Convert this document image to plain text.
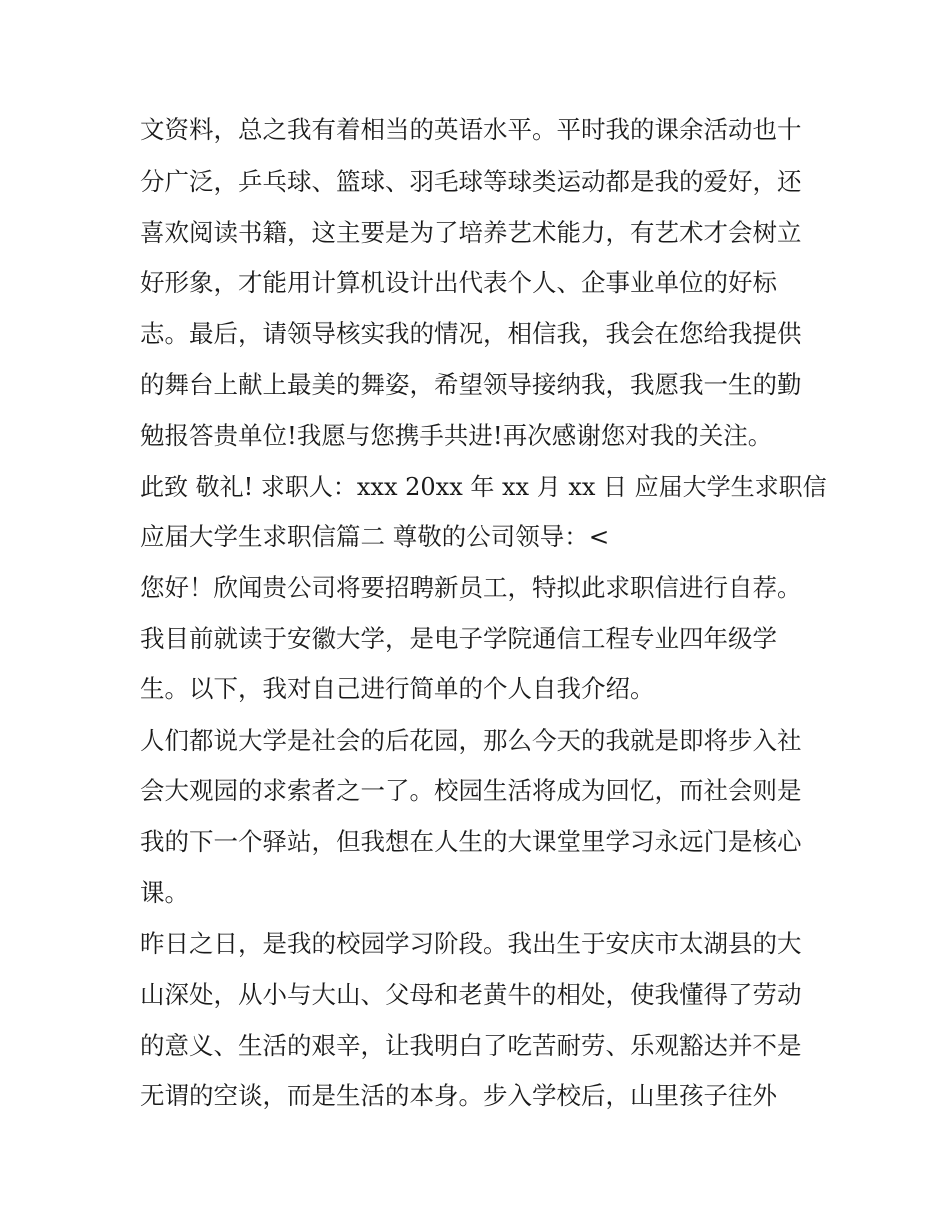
文资料，总之我有着相当的英语水平。平时我的课余活动也十
分广泛，乒乓球、篮球、羽毛球等球类运动都是我的爱好，还
喜欢阅读书籍，这主要是为了培养艺术能力，有艺术才会树立
好形象，才能用计算机设计出代表个人、企事业单位的好标
志。最后，请领导核实我的情况，相信我，我会在您给我提供
的舞台上献上最美的舞姿，希望领导接纳我，我愿我一生的勤
勉报答贵单位!我愿与您携手共进!再次感谢您对我的关注。
此致 敬礼! 求职人：xxx 20xx 年 xx 月 xx 日 应届大学生求职信
应届大学生求职信篇二 尊敬的公司领导：<
您好！欣闻贵公司将要招聘新员工，特拟此求职信进行自荐。
我目前就读于安徽大学，是电子学院通信工程专业四年级学
生。以下，我对自己进行简单的个人自我介绍。
人们都说大学是社会的后花园，那么今天的我就是即将步入社
会大观园的求索者之一了。校园生活将成为回忆，而社会则是
我的下一个驿站，但我想在人生的大课堂里学习永远门是核心
课。
昨日之日，是我的校园学习阶段。我出生于安庆市太湖县的大
山深处，从小与大山、父母和老黄牛的相处，使我懂得了劳动
的意义、生活的艰辛，让我明白了吃苦耐劳、乐观豁达并不是
无谓的空谈，而是生活的本身。步入学校后，山里孩子往外
